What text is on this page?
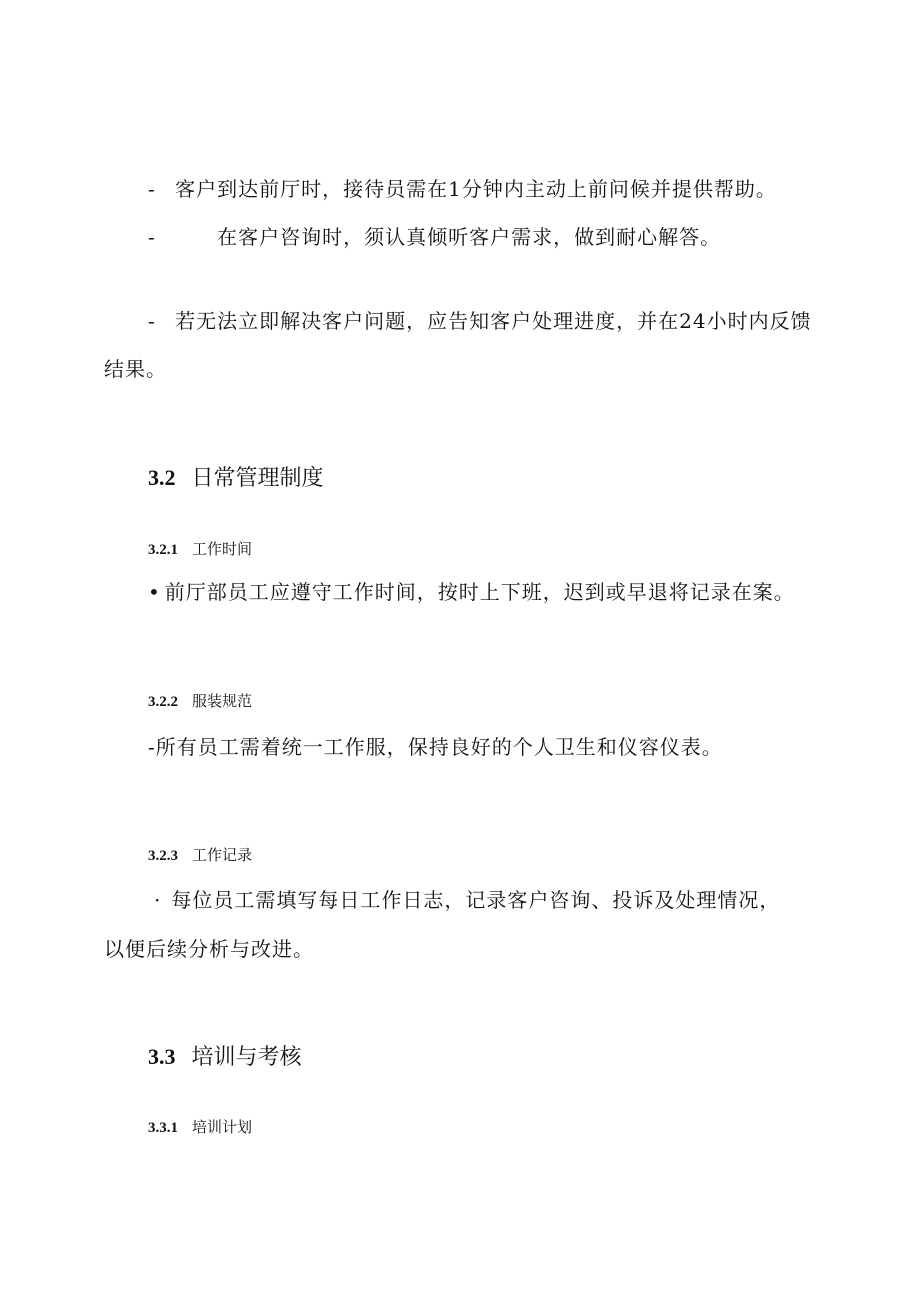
- 客户到达前厅时，接待员需在1分钟内主动上前问候并提供帮助。
-	在客户咨询时，须认真倾听客户需求，做到耐心解答。
- 若无法立即解决客户问题，应告知客户处理进度，并在24小时内反馈
结果。
3.2 日常管理制度
3.2.1 工作时间
• 前厅部员工应遵守工作时间，按时上下班，迟到或早退将记录在案。
3.2.2 服装规范
-所有员工需着统一工作服，保持良好的个人卫生和仪容仪表。
3.2.3 工作记录
· 每位员工需填写每日工作日志，记录客户咨询、投诉及处理情况，
以便后续分析与改进。
3.3 培训与考核
3.3.1 培训计划
